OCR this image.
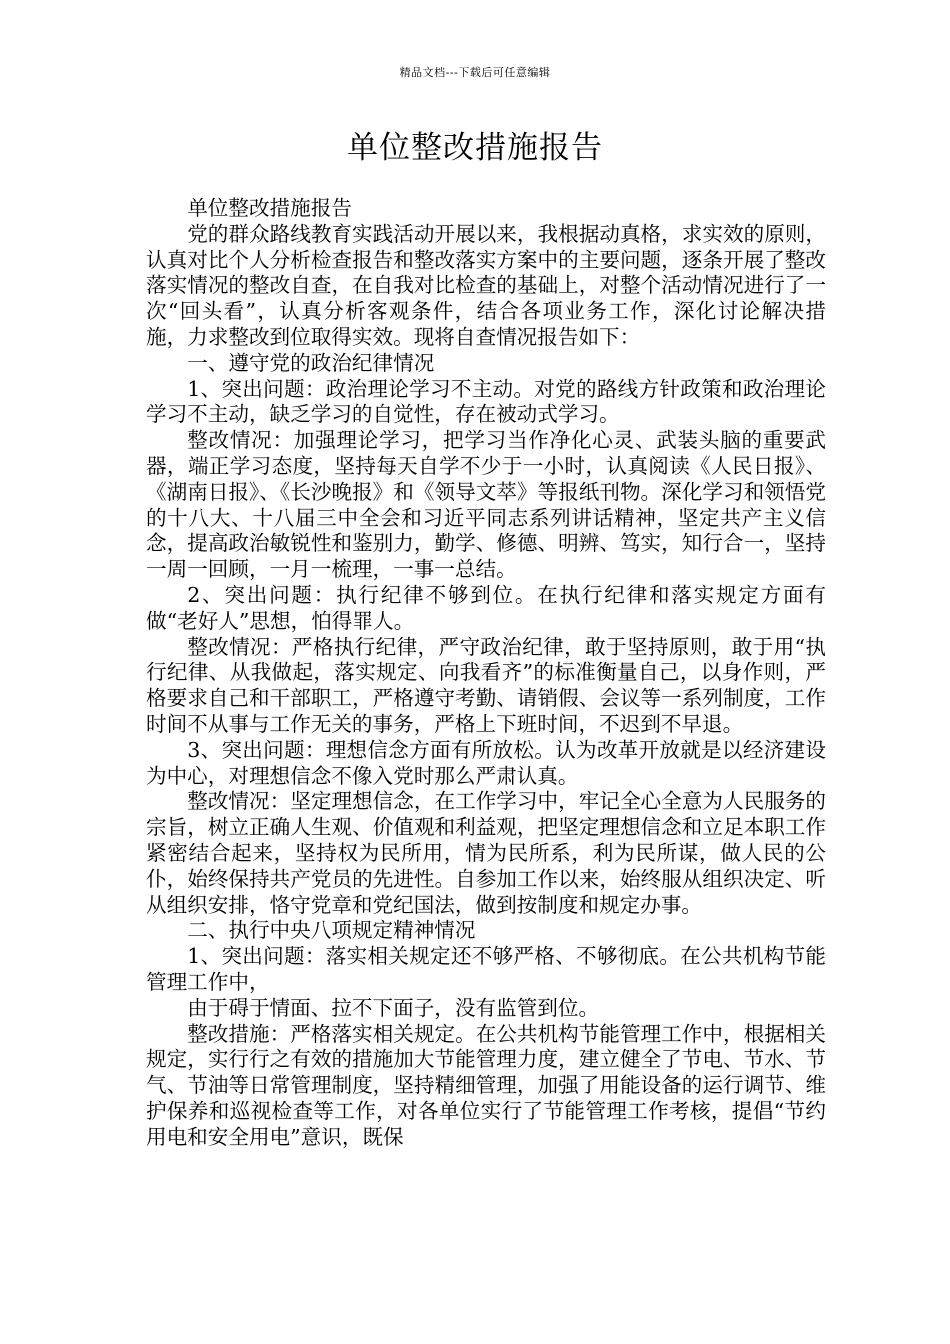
精品文档---下载后可任意编辑
单位整改措施报告

单位整改措施报告

党的群众路线教育实践活动开展以来，我根据动真格，求实效的原则，认真对比个人分析检查报告和整改落实方案中的主要问题，逐条开展了整改落实情况的整改自查，在自我对比检查的基础上，对整个活动情况进行了一次“回头看”，认真分析客观条件，结合各项业务工作，深化讨论解决措施，力求整改到位取得实效。现将自查情况报告如下：

一、遵守党的政治纪律情况

1、突出问题：政治理论学习不主动。对党的路线方针政策和政治理论学习不主动，缺乏学习的自觉性，存在被动式学习。

整改情况：加强理论学习，把学习当作净化心灵、武装头脑的重要武器，端正学习态度，坚持每天自学不少于一小时，认真阅读《人民日报》、《湖南日报》、《长沙晚报》和《领导文萃》等报纸刊物。深化学习和领悟党的十八大、十八届三中全会和习近平同志系列讲话精神，坚定共产主义信念，提高政治敏锐性和鉴别力，勤学、修德、明辨、笃实，知行合一，坚持一周一回顾，一月一梳理，一事一总结。

2、突出问题：执行纪律不够到位。在执行纪律和落实规定方面有做“老好人”思想，怕得罪人。

整改情况：严格执行纪律，严守政治纪律，敢于坚持原则，敢于用“执行纪律、从我做起，落实规定、向我看齐”的标准衡量自己，以身作则，严格要求自己和干部职工，严格遵守考勤、请销假、会议等一系列制度，工作时间不从事与工作无关的事务，严格上下班时间，不迟到不早退。

3、突出问题：理想信念方面有所放松。认为改革开放就是以经济建设为中心，对理想信念不像入党时那么严肃认真。

整改情况：坚定理想信念，在工作学习中，牢记全心全意为人民服务的宗旨，树立正确人生观、价值观和利益观，把坚定理想信念和立足本职工作紧密结合起来，坚持权为民所用，情为民所系，利为民所谋，做人民的公仆，始终保持共产党员的先进性。自参加工作以来，始终服从组织决定、听从组织安排，恪守党章和党纪国法，做到按制度和规定办事。

二、执行中央八项规定精神情况

1、突出问题：落实相关规定还不够严格、不够彻底。在公共机构节能管理工作中，

由于碍于情面、拉不下面子，没有监管到位。

整改措施：严格落实相关规定。在公共机构节能管理工作中，根据相关规定，实行行之有效的措施加大节能管理力度，建立健全了节电、节水、节气、节油等日常管理制度，坚持精细管理，加强了用能设备的运行调节、维护保养和巡视检查等工作，对各单位实行了节能管理工作考核，提倡“节约用电和安全用电”意识，既保
